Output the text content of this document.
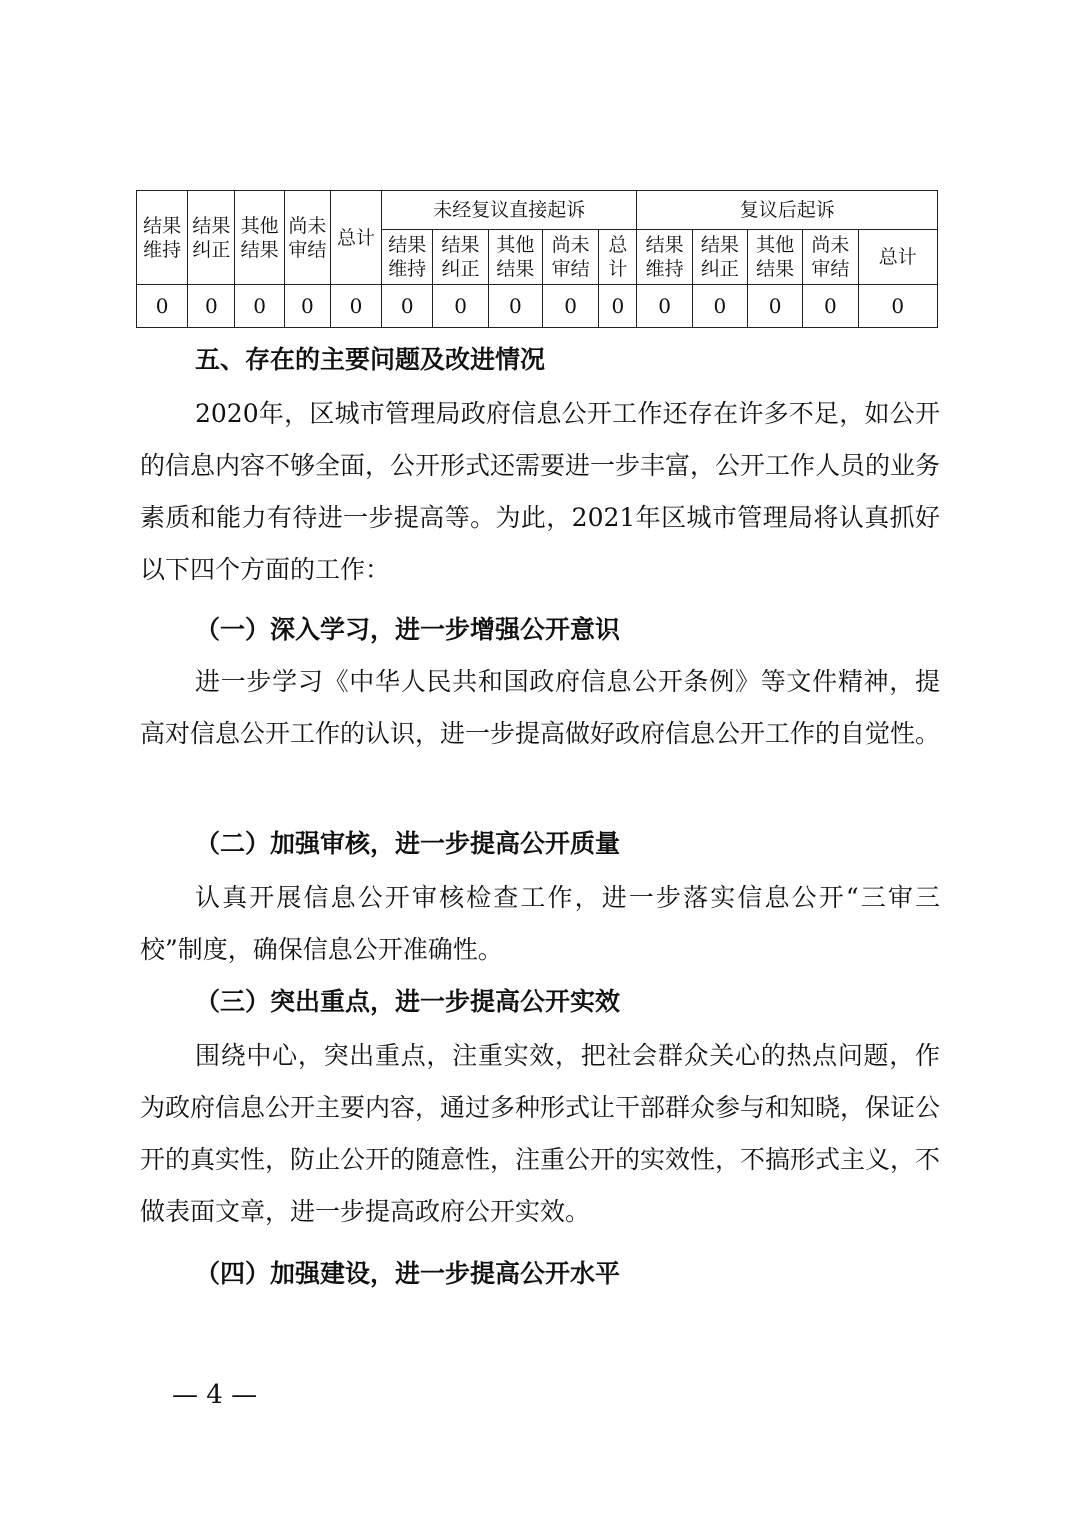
结果维持	结果纠正	其他结果	尚未审结	总计	未经复议直接起诉					复议后起诉				
					结果维持	结果纠正	其他结果	尚未审结	总计	结果维持	结果纠正	其他结果	尚未审结	总计
0	0	0	0	0	0	0	0	0	0	0	0	0	0	0
五、存在的主要问题及改进情况

2020年，区城市管理局政府信息公开工作还存在许多不足，如公开的信息内容不够全面，公开形式还需要进一步丰富，公开工作人员的业务素质和能力有待进一步提高等。为此，2021年区城市管理局将认真抓好以下四个方面的工作：

（一）深入学习，进一步增强公开意识

进一步学习《中华人民共和国政府信息公开条例》等文件精神，提高对信息公开工作的认识，进一步提高做好政府信息公开工作的自觉性。

（二）加强审核，进一步提高公开质量

认真开展信息公开审核检查工作，进一步落实信息公开“三审三校”制度，确保信息公开准确性。

（三）突出重点，进一步提高公开实效

围绕中心，突出重点，注重实效，把社会群众关心的热点问题，作为政府信息公开主要内容，通过多种形式让干部群众参与和知晓，保证公开的真实性，防止公开的随意性，注重公开的实效性，不搞形式主义，不做表面文章，进一步提高政府公开实效。

（四）加强建设，进一步提高公开水平
— 4 —
